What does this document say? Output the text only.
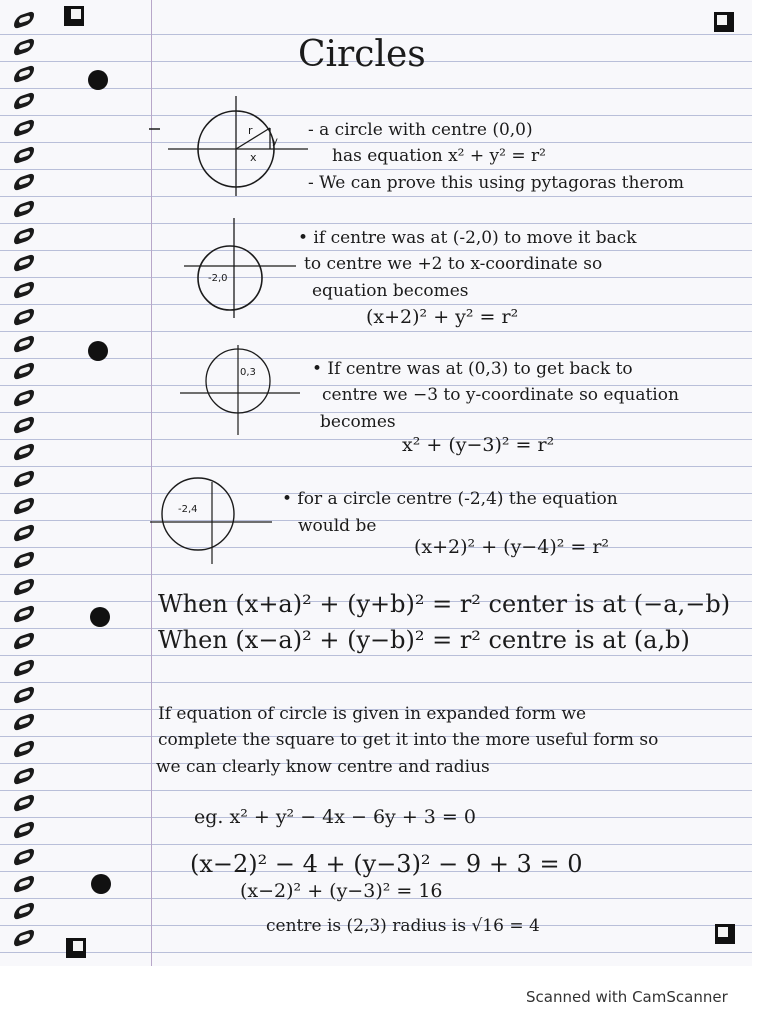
Circles
r
y
x
-2,0
0,3
-2,4
- a circle with centre (0,0)
has equation x² + y² = r²
- We can prove this using pytagoras therom
• if centre was at (-2,0) to move it back
to centre we +2 to x-coordinate so
equation becomes
(x+2)² + y² = r²
• If centre was at (0,3) to get back to
centre we −3 to y-coordinate so equation
becomes
x² + (y−3)² = r²
• for a circle centre (-2,4) the equation
would be
(x+2)² + (y−4)² = r²
When (x+a)² + (y+b)² = r² center is at (−a,−b)
When (x−a)² + (y−b)² = r² centre is at (a,b)
If equation of circle is given in expanded form we
complete the square to get it into the more useful form so
we can clearly know centre and radius
eg. x² + y² − 4x − 6y + 3 = 0
(x−2)² − 4 + (y−3)² − 9 + 3 = 0
(x−2)² + (y−3)² = 16
centre is (2,3) radius is √16 = 4
Scanned with CamScanner
